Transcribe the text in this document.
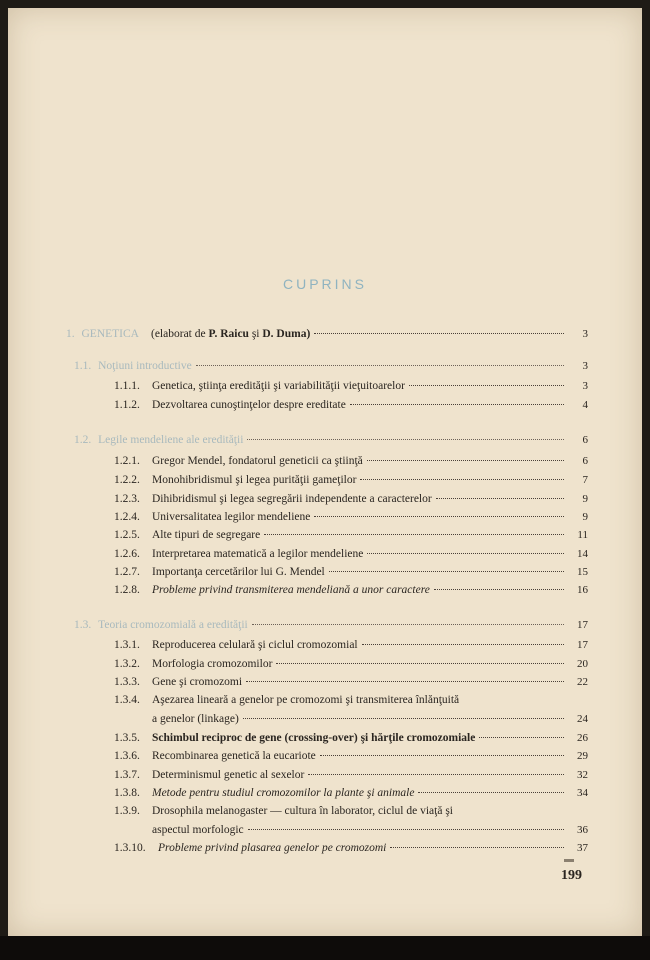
CUPRINS
1. GENETICA (elaborat de P. Raicu şi D. Duma)	3
1.1. Noţiuni introductive	3
1.1.1. Genetica, ştiinţa eredităţii şi variabilităţii vieţuitoarelor	3
1.1.2. Dezvoltarea cunoştinţelor despre ereditate	4
1.2. Legile mendeliene ale eredităţii	6
1.2.1. Gregor Mendel, fondatorul geneticii ca ştiinţă	6
1.2.2. Monohibridismul şi legea purităţii gameţilor	7
1.2.3. Dihibridismul şi legea segregării independente a caracterelor	9
1.2.4. Universalitatea legilor mendeliene	9
1.2.5. Alte tipuri de segregare	11
1.2.6. Interpretarea matematică a legilor mendeliene	14
1.2.7. Importanţa cercetărilor lui G. Mendel	15
1.2.8. Probleme privind transmiterea mendeliană a unor caractere	16
1.3. Teoria cromozomială a eredităţii	17
1.3.1. Reproducerea celulară şi ciclul cromozomial	17
1.3.2. Morfologia cromozomilor	20
1.3.3. Gene şi cromozomi	22
1.3.4.	Aşezarea lineară a genelor pe cromozomi şi transmiterea înlănţuită
a genelor (linkage)	24
1.3.5. Schimbul reciproc de gene (crossing-over) şi hărţile cromozomiale	26
1.3.6. Recombinarea genetică la eucariote	29
1.3.7. Determinismul genetic al sexelor	32
1.3.8. Metode pentru studiul cromozomilor la plante şi animale	34
1.3.9.	Drosophila melanogaster — cultura în laborator, ciclul de viaţă şi
aspectul morfologic	36
1.3.10. Probleme privind plasarea genelor pe cromozomi	37
199
▬
